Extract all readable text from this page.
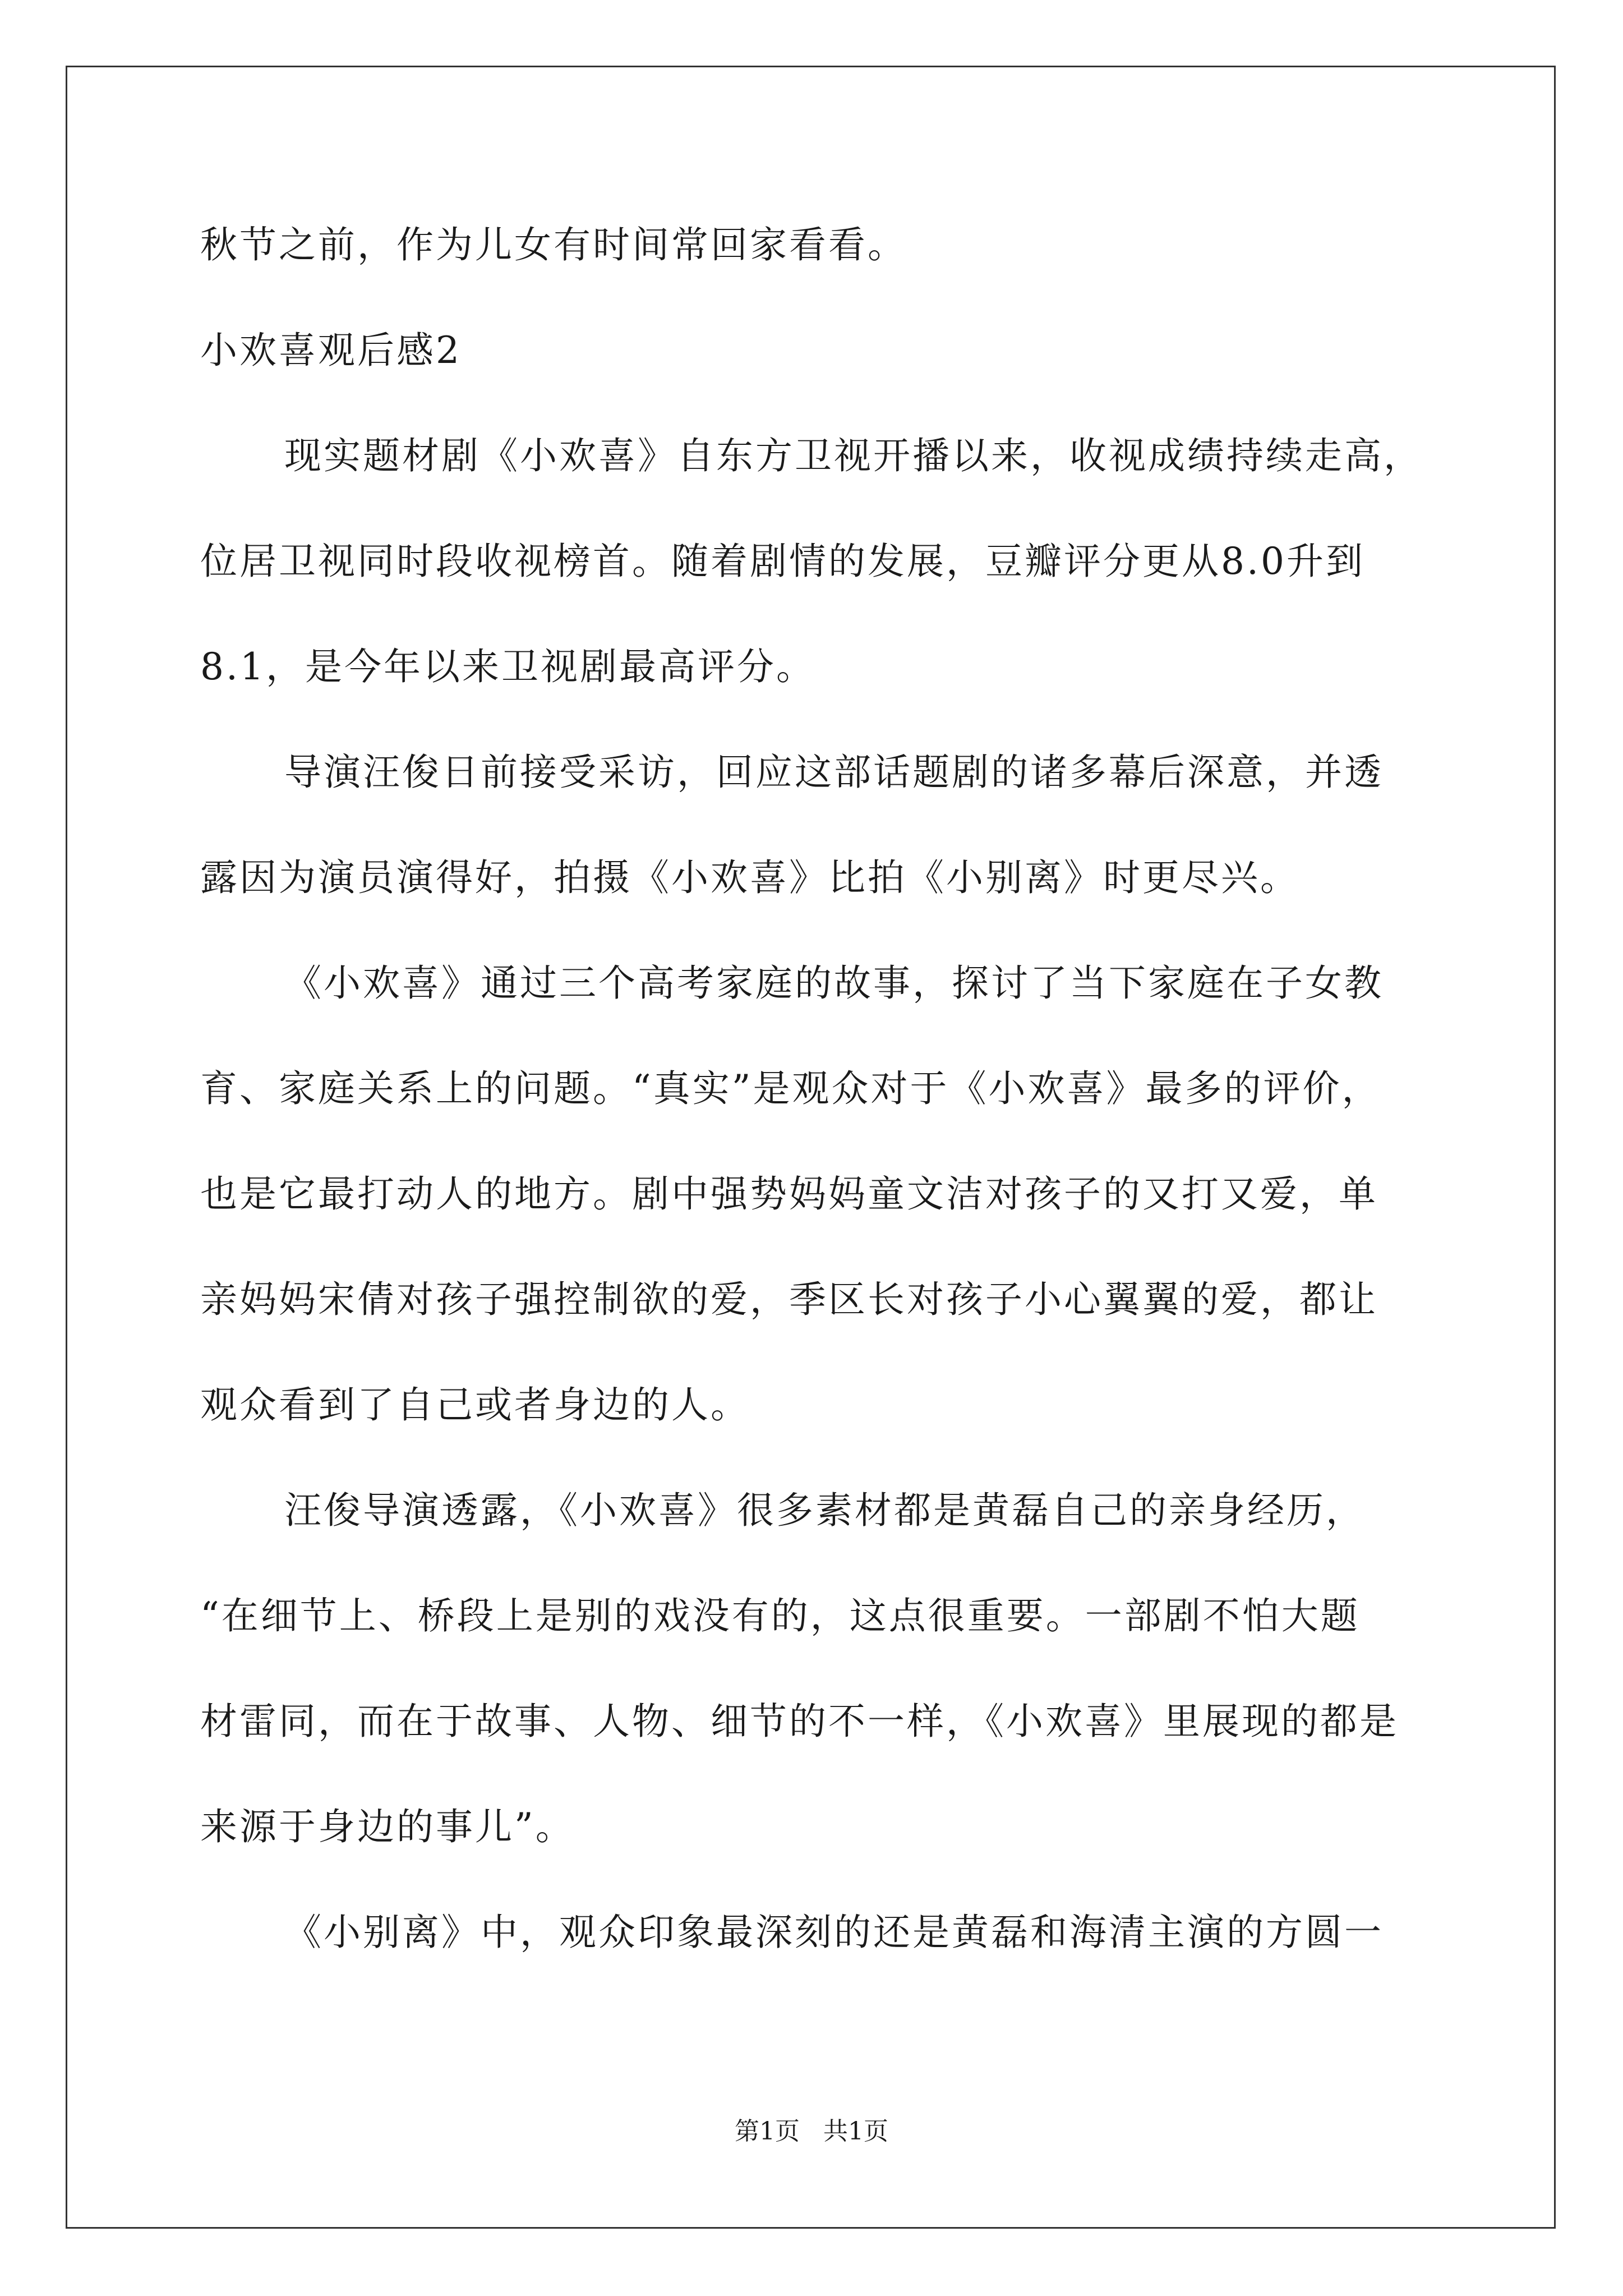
秋节之前，作为儿女有时间常回家看看。
小欢喜观后感2
现实题材剧《小欢喜》自东方卫视开播以来，收视成绩持续走高，
位居卫视同时段收视榜首。随着剧情的发展，豆瓣评分更从8.0升到
8.1，是今年以来卫视剧最高评分。
导演汪俊日前接受采访，回应这部话题剧的诸多幕后深意，并透
露因为演员演得好，拍摄《小欢喜》比拍《小别离》时更尽兴。
《小欢喜》通过三个高考家庭的故事，探讨了当下家庭在子女教
育、家庭关系上的问题。“真实”是观众对于《小欢喜》最多的评价，
也是它最打动人的地方。剧中强势妈妈童文洁对孩子的又打又爱，单
亲妈妈宋倩对孩子强控制欲的爱，季区长对孩子小心翼翼的爱，都让
观众看到了自己或者身边的人。
汪俊导演透露，《小欢喜》很多素材都是黄磊自己的亲身经历，
“在细节上、桥段上是别的戏没有的，这点很重要。一部剧不怕大题
材雷同，而在于故事、人物、细节的不一样，《小欢喜》里展现的都是
来源于身边的事儿”。
《小别离》中，观众印象最深刻的还是黄磊和海清主演的方圆一
第1页   共1页
